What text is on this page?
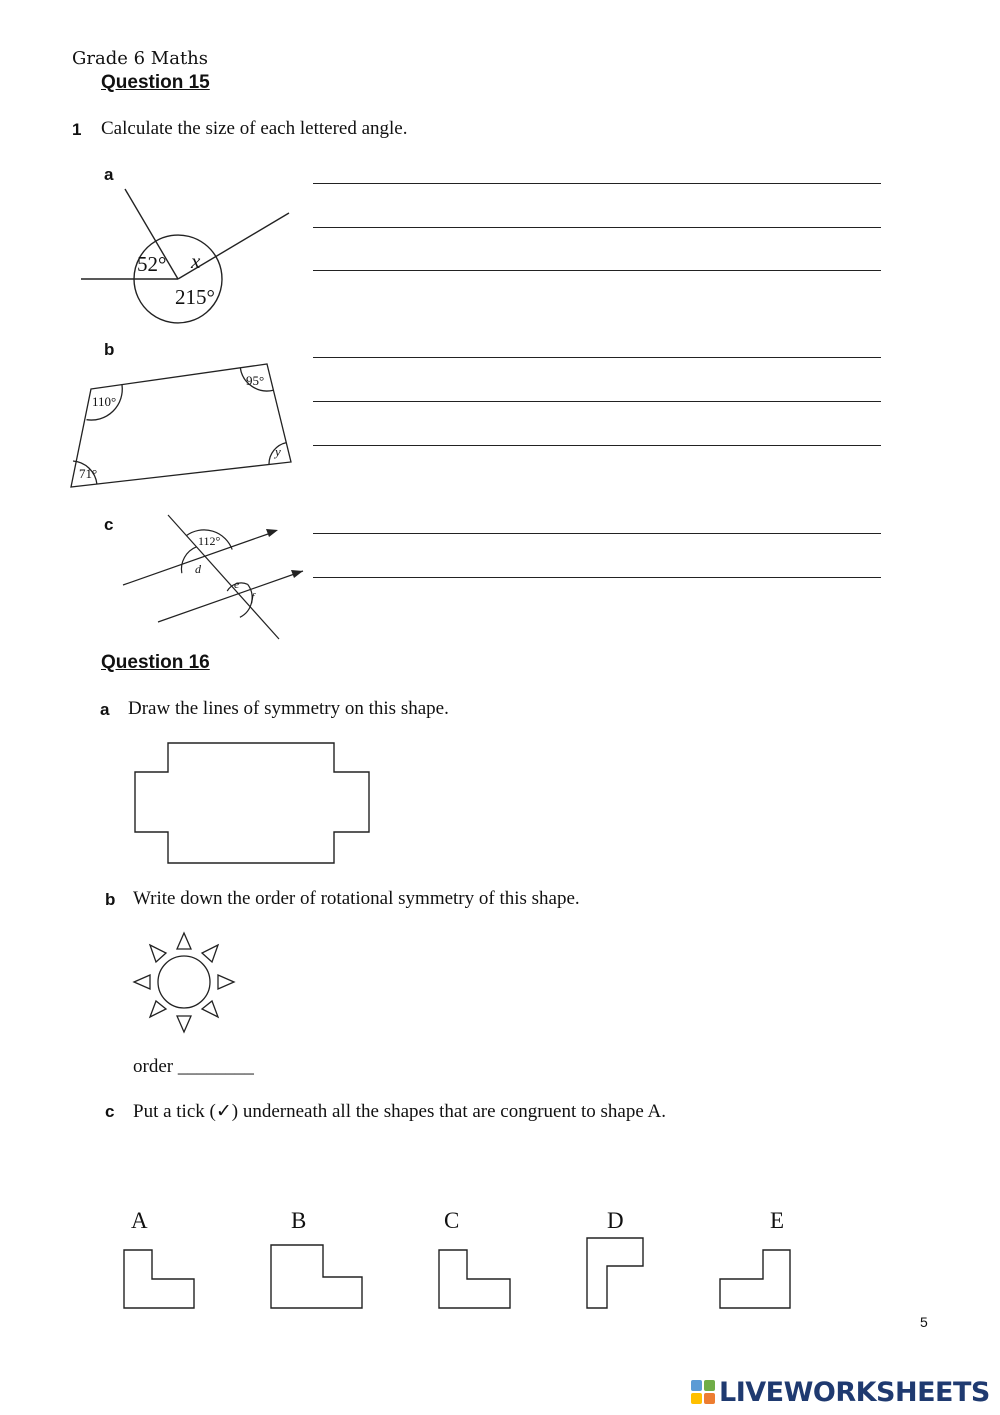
Grade 6 Maths
Question 15
1 Calculate the size of each lettered angle.
a
b
c
52° x
215°
110°
95°
71°
y
112°
d
e
f
Question 16
a Draw the lines of symmetry on this shape.
b Write down the order of rotational symmetry of this shape.
order ________
c Put a tick (✓) underneath all the shapes that are congruent to shape A.
A	B	C	D	E
5
LIVEWORKSHEETS
